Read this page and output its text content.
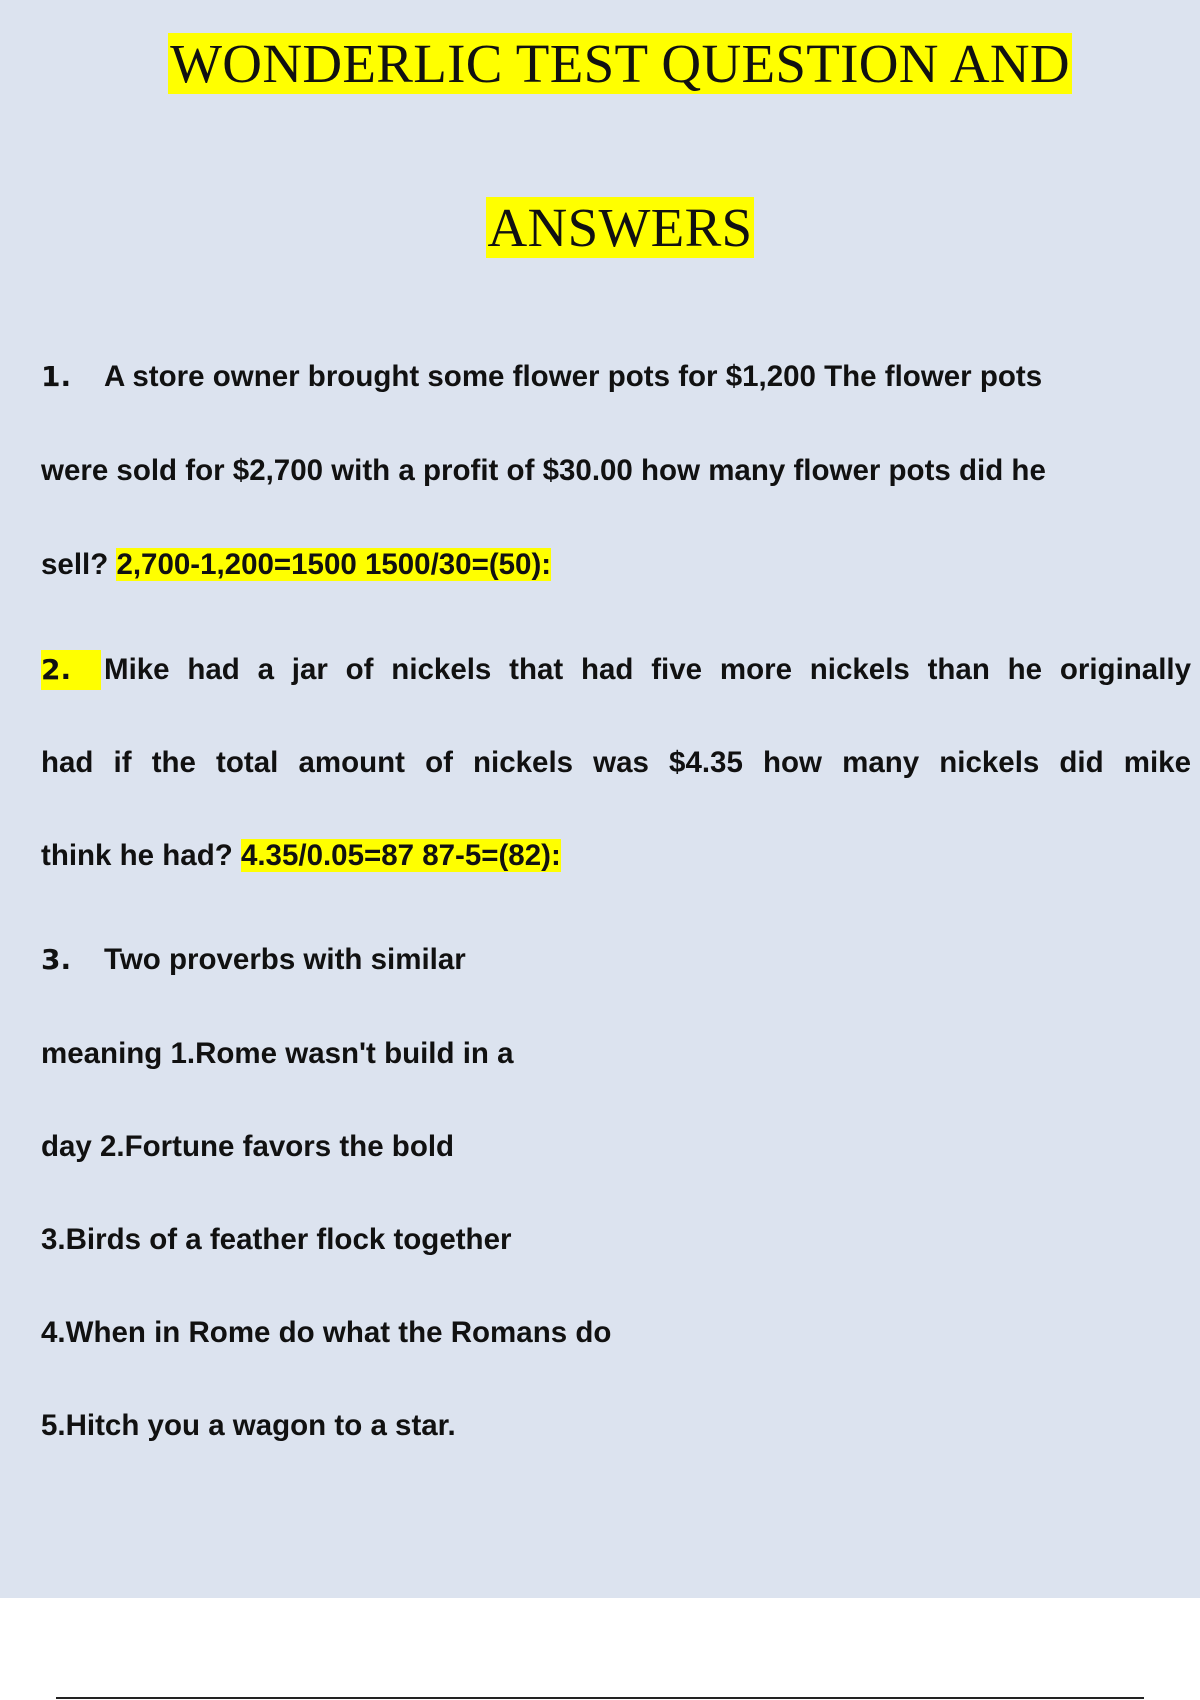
WONDERLIC TEST QUESTION AND
ANSWERS
1. A store owner brought some flower pots for $1,200 The flower pots
were sold for $2,700 with a profit of $30.00 how many flower pots did he
sell? 2,700-1,200=1500 1500/30=(50):
2. Mike had a jar of nickels that had five more nickels than he originally
had if the total amount of nickels was $4.35 how many nickels did mike
think he had? 4.35/0.05=87 87-5=(82):
3. Two proverbs with similar
meaning 1.Rome wasn't build in a
day 2.Fortune favors the bold
3.Birds of a feather flock together
4.When in Rome do what the Romans do
5.Hitch you a wagon to a star.
